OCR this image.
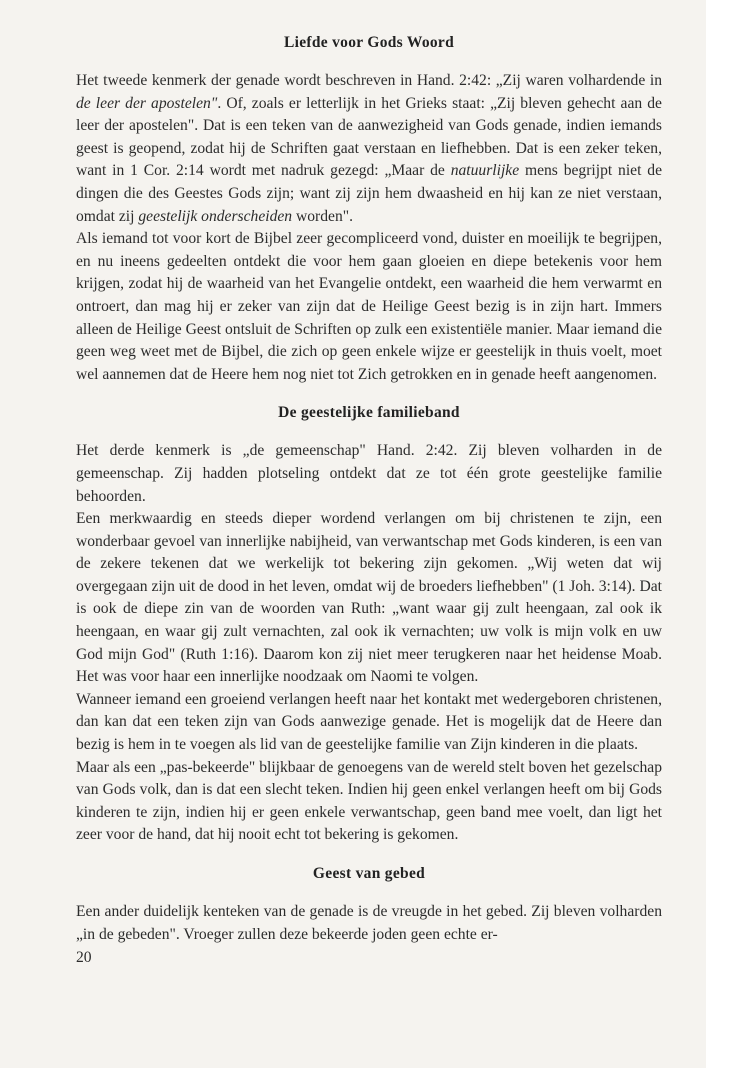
Liefde voor Gods Woord

Het tweede kenmerk der genade wordt beschreven in Hand. 2:42: „Zij waren volhardende in de leer der apostelen". Of, zoals er letterlijk in het Grieks staat: „Zij bleven gehecht aan de leer der apostelen". Dat is een teken van de aanwezigheid van Gods genade, indien iemands geest is geopend, zodat hij de Schriften gaat verstaan en liefhebben. Dat is een zeker teken, want in 1 Cor. 2:14 wordt met nadruk gezegd: „Maar de natuurlijke mens begrijpt niet de dingen die des Geestes Gods zijn; want zij zijn hem dwaasheid en hij kan ze niet verstaan, omdat zij geestelijk onderscheiden worden".

Als iemand tot voor kort de Bijbel zeer gecompliceerd vond, duister en moeilijk te begrijpen, en nu ineens gedeelten ontdekt die voor hem gaan gloeien en diepe betekenis voor hem krijgen, zodat hij de waarheid van het Evangelie ontdekt, een waarheid die hem verwarmt en ontroert, dan mag hij er zeker van zijn dat de Heilige Geest bezig is in zijn hart. Immers alleen de Heilige Geest ontsluit de Schriften op zulk een existentiële manier. Maar iemand die geen weg weet met de Bijbel, die zich op geen enkele wijze er geestelijk in thuis voelt, moet wel aannemen dat de Heere hem nog niet tot Zich getrokken en in genade heeft aangenomen.

De geestelijke familieband

Het derde kenmerk is „de gemeenschap" Hand. 2:42. Zij bleven volharden in de gemeenschap. Zij hadden plotseling ontdekt dat ze tot één grote geestelijke familie behoorden.

Een merkwaardig en steeds dieper wordend verlangen om bij christenen te zijn, een wonderbaar gevoel van innerlijke nabijheid, van verwantschap met Gods kinderen, is een van de zekere tekenen dat we werkelijk tot bekering zijn gekomen. „Wij weten dat wij overgegaan zijn uit de dood in het leven, omdat wij de broeders liefhebben" (1 Joh. 3:14). Dat is ook de diepe zin van de woorden van Ruth: „want waar gij zult heengaan, zal ook ik heengaan, en waar gij zult vernachten, zal ook ik vernachten; uw volk is mijn volk en uw God mijn God" (Ruth 1:16). Daarom kon zij niet meer terugkeren naar het heidense Moab. Het was voor haar een innerlijke noodzaak om Naomi te volgen.

Wanneer iemand een groeiend verlangen heeft naar het kontakt met wedergeboren christenen, dan kan dat een teken zijn van Gods aanwezige genade. Het is mogelijk dat de Heere dan bezig is hem in te voegen als lid van de geestelijke familie van Zijn kinderen in die plaats.

Maar als een „pas-bekeerde" blijkbaar de genoegens van de wereld stelt boven het gezelschap van Gods volk, dan is dat een slecht teken. Indien hij geen enkel verlangen heeft om bij Gods kinderen te zijn, indien hij er geen enkele verwantschap, geen band mee voelt, dan ligt het zeer voor de hand, dat hij nooit echt tot bekering is gekomen.

Geest van gebed

Een ander duidelijk kenteken van de genade is de vreugde in het gebed. Zij bleven volharden „in de gebeden". Vroeger zullen deze bekeerde joden geen echte er-

20
